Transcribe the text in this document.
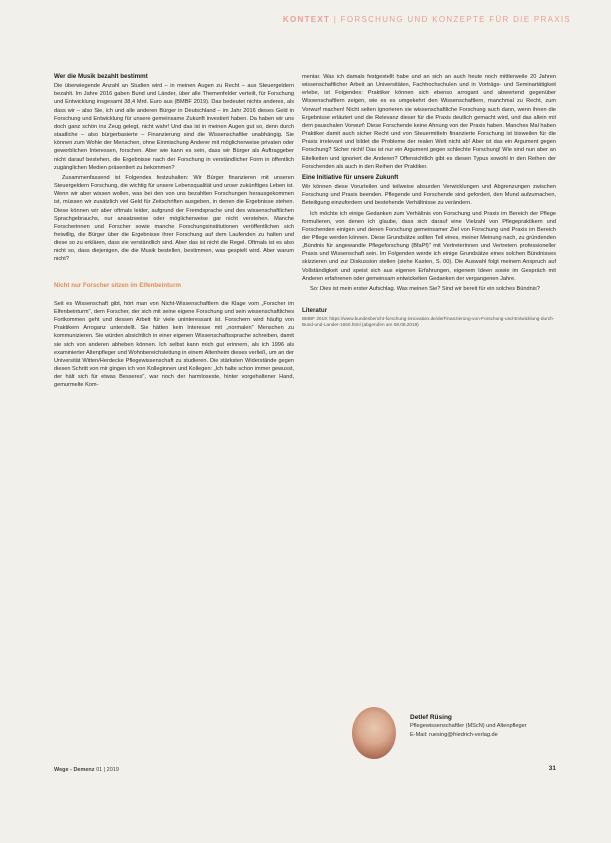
KONTEXT | FORSCHUNG UND KONZEPTE FÜR DIE PRAXIS
Wer die Musik bezahlt bestimmt

Die überwiegende Anzahl an Studien wird – in meinen Augen zu Recht – aus Steuergeldern bezahlt. Im Jahre 2016 gaben Bund und Länder, über alle Themenfelder verteilt, für Forschung und Entwicklung insgesamt 38,4 Mrd. Euro aus (BMBF 2019). Das bedeutet nichts anderes, als dass wir – also Sie, ich und alle anderen Bürger in Deutschland – im Jahr 2016 dieses Geld in Forschung und Entwicklung für unsere gemeinsame Zukunft investiert haben. Da haben wir uns doch ganz schön ins Zeug gelegt, nicht wahr! Und das ist in meinen Augen gut so, denn durch staatliche – also bürgerbasierte – Finanzierung sind die Wissenschaftler unabhängig. Sie können zum Wohle der Menschen, ohne Einmischung Anderer mit möglicherweise privaten oder gewerblichen Interessen, forschen. Aber wie kann es sein, dass wir Bürger als Auftraggeber nicht darauf bestehen, die Ergebnisse nach der Forschung in verständlicher Form in öffentlich zugänglichen Medien präsentiert zu bekommen?

Zusammenfassend ist Folgendes festzuhalten: Wir Bürger finanzieren mit unseren Steuergeldern Forschung, die wichtig für unsere Lebensqualität und unser zukünftiges Leben ist. Wenn wir aber wissen wollen, was bei den von uns bezahlten Forschungen herausgekommen ist, müssen wir zusätzlich viel Geld für Zeitschriften ausgeben, in denen die Ergebnisse stehen. Diese können wir aber oftmals leider, aufgrund der Fremdsprache und des wissenschaftlichen Sprachgebrauchs, nur ansatzweise oder möglicherweise gar nicht verstehen. Manche Forscherinnen und Forscher sowie manche Forschungsinstitutionen veröffentlichen sich freiwillig, die Bürger über die Ergebnisse ihrer Forschung auf dem Laufenden zu halten und diese so zu erklären, dass sie verständlich sind. Aber das ist nicht die Regel. Oftmals ist es also nicht so, dass diejenigen, die die Musik bestellen, bestimmen, was gespielt wird. Aber warum nicht?

Nicht nur Forscher sitzen im Elfenbeinturm

Seit es Wissenschaft gibt, hört man von Nicht-Wissenschaftlern die Klage vom „Forscher im Elfenbeinturm", dem Forscher, der sich mit seine eigene Forschung und sein wissenschaftliches Fortkommen geht und dessen Arbeit für viele uninteressant ist. Forschern wird häufig von Praktikern Arroganz unterstellt. Sie hätten kein Interesse mit „normalen" Menschen zu kommunizieren. Sie würden absichtlich in einer eigenen Wissenschaftssprache schreiben, damit sie sich von anderen abheben können. Ich selbst kann mich gut erinnern, als ich 1996 als examinierter Altenpfleger und Wohnbereichsleitung in einem Altenheim dieses verließ, um an der Universität Witten/Herdecke Pflegewissenschaft zu studieren. Die stärksten Widerstände gegen diesen Schritt von mir gingen ich von Kolleginnen und Kollegen: „Ich halte schon immer gewusst, der hält sich für etwas Besseres", war noch der harmloseste, hinter vorgehaltener Hand, gemurmelte Kom-

mentar. Was ich damals festgestellt habe und an sich an auch heute noch mittlerweile 20 Jahren wissenschaftlicher Arbeit an Universitäten, Fachhochschulen und in Vorträgs- und Seminartätigkeit erlebe, ist Folgendes: Praktiker können sich ebenso arrogant und abwertend gegenüber Wissenschaftlern zeigen, wie es es umgekehrt den Wissenschaftlern, manchmal zu Recht, zum Vorwurf machen! Nicht selten ignorieren sie wissenschaftliche Forschung auch dann, wenn ihnen die Ergebnisse erläutert und die Relevanz dieser für die Praxis deutlich gemacht wird, und das allein mit dem pauschalen Vorwurf: Diese Forschende keine Ahnung von der Praxis haben. Manches Mal haben Praktiker damit auch sicher Recht und von Steuermitteln finanzierte Forschung ist bisweilen für die Praxis irrelevant und bildet die Probleme der realen Welt nicht ab! Aber ist das ein Argument gegen Forschung? Sicher nicht! Das ist nur ein Argument gegen schlechte Forschung! Wie sind nun aber an Eitelkeiten und ignoriert die Anderen? Offensichtlich gibt es diesen Typus sowohl in den Reihen der Forschenden als auch in den Reihen der Praktiker.

Eine Initiative für unsere Zukunft

Wir können diese Vorurteilen und teilweise absurden Verwicklungen und Abgrenzungen zwischen Forschung und Praxis beenden. Pflegende und Forschende sind gefordert, den Mund aufzumachen, Beteiligung einzufordern und bestehende Verhältnisse zu verändern.

Ich möchte ich einige Gedanken zum Verhältnis von Forschung und Praxis im Bereich der Pflege formulieren, von denen ich glaube, dass sich darauf eine Vielzahl von Pflegepraktikern und Forschenden einigen und denen Forschung gemeinsamer Ziel von Forschung und Praxis im Bereich der Pflege werden können. Diese Grundsätze sollten Teil eines, meiner Meinung nach, zu gründenden „Bündnis für angewandte Pflegeforschung (BfaPf)" mit Vertreterinnen und Vertretern professioneller Praxis und Wissenschaft sein. Im Folgenden werde ich einige Grundsätze eines solchen Bündnisses skizzieren und zur Diskussion stellen (siehe Kasten, S. 00). Die Auswahl folgt meinem Anspruch auf Vollständigkeit und speist sich aus eigenen Erfahrungen, eigenem Ideen sowie im Gespräch mit Anderen erfahrenen oder gemeinsam entwickelten Gedanken der vergangenen Jahre.

So: Dies ist mein erster Aufschlag. Was meinen Sie? Sind wir bereit für ein solches Bündnis?

Literatur

BMBF 2019: https://www.bundesbericht-forschung-innovation.de/de/Finanzierung-von-Forschung-und-Entwicklung-durch-Bund-und-Lander-1650.html (abgerufen am 08.08.2019)

Detlef Rüsing
Pflegewissenschaftler (MScN) und Altenpfleger
E-Mail: ruesing@friedrich-verlag.de
Wege - Demenz 01 | 2019	31
